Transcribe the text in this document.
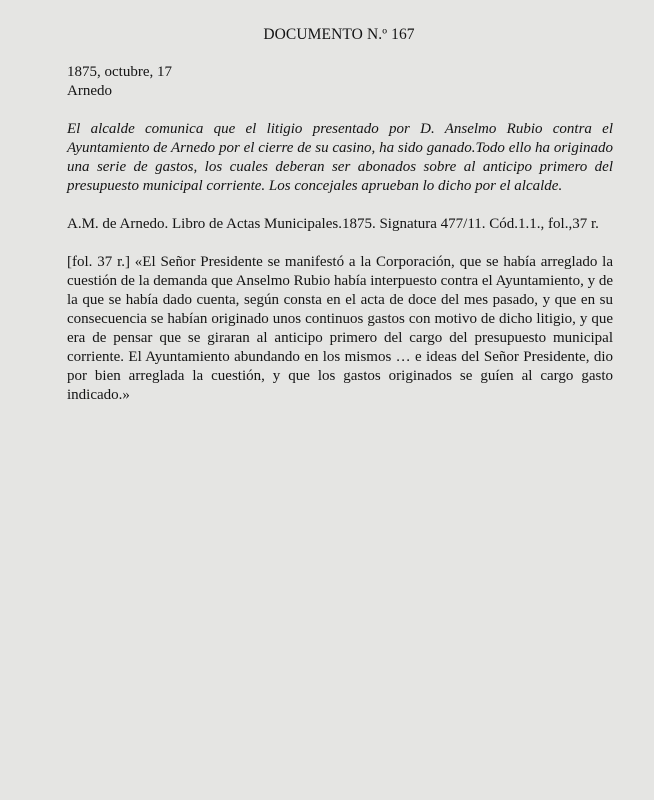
DOCUMENTO N.º 167

1875, octubre, 17

Arnedo

El alcalde comunica que el litigio presentado por D. Anselmo Rubio contra el Ayuntamiento de Arnedo por el cierre de su casino, ha sido ganado.Todo ello ha originado una serie de gastos, los cuales deberan ser abonados sobre al anticipo primero del presupuesto municipal corriente. Los concejales aprueban lo dicho por el alcalde.

A.M. de Arnedo. Libro de Actas Municipales.1875. Signatura 477/11. Cód.1.1., fol.,37 r.

[fol. 37 r.] «El Señor Presidente se manifestó a la Corporación, que se había arreglado la cuestión de la demanda que Anselmo Rubio había interpuesto contra el Ayuntamiento, y de la que se había dado cuenta, según consta en el acta de doce del mes pasado, y que en su consecuencia se habían originado unos continuos gastos con motivo de dicho litigio, y que era de pensar que se giraran al anticipo primero del cargo del presupuesto municipal corriente. El Ayuntamiento abundando en los mismos … e ideas del Señor Presidente, dio por bien arreglada la cuestión, y que los gastos originados se guíen al cargo gasto indicado.»
